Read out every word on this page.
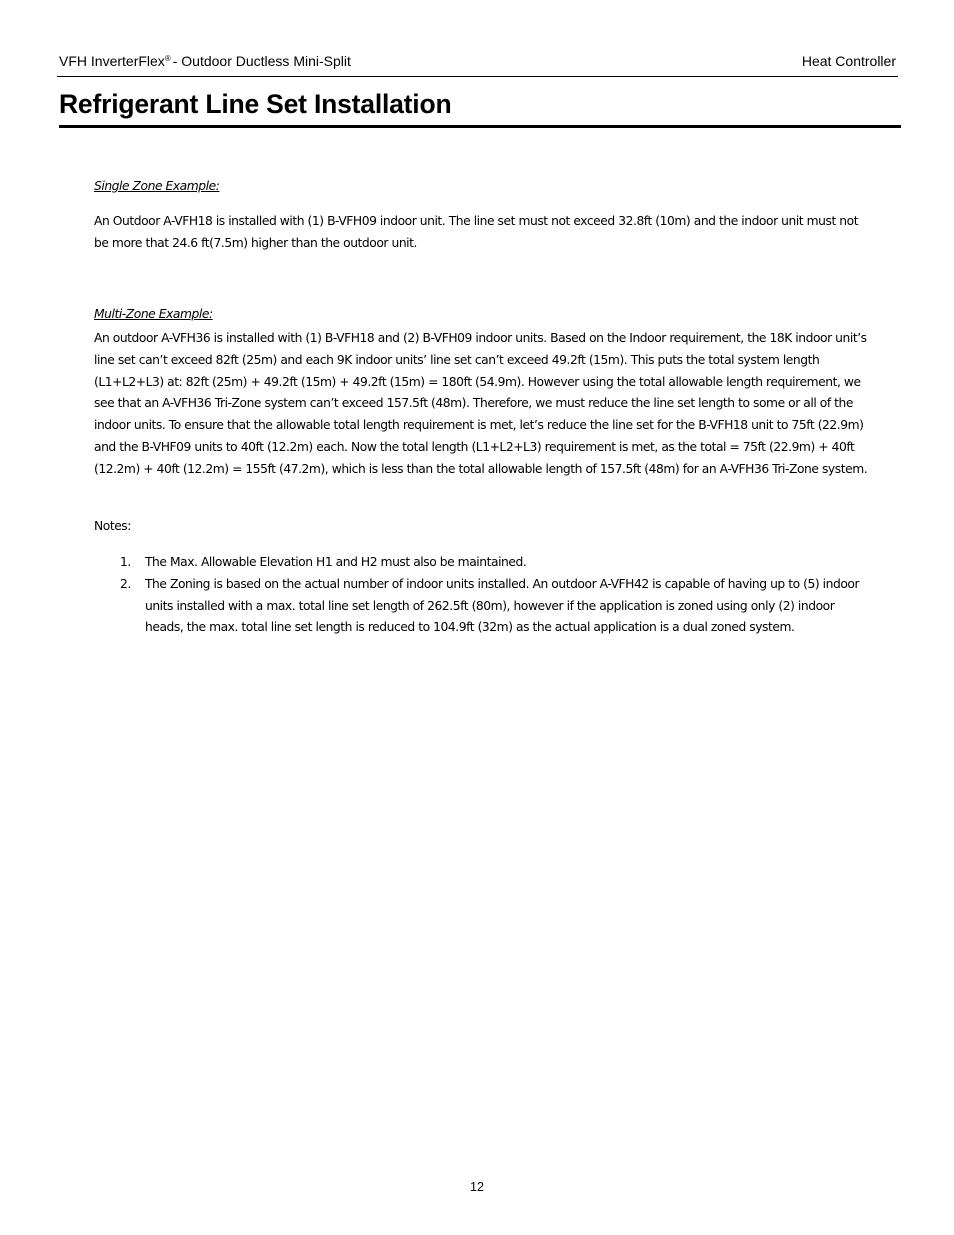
VFH InverterFlex® - Outdoor Ductless Mini-Split	Heat Controller
Refrigerant Line Set Installation
Single Zone Example:

An Outdoor A-VFH18 is installed with (1) B-VFH09 indoor unit. The line set must not exceed 32.8ft (10m) and the indoor unit must not be more that 24.6 ft(7.5m) higher than the outdoor unit.

Multi-Zone Example:

An outdoor A-VFH36 is installed with (1) B-VFH18 and (2) B-VFH09 indoor units. Based on the Indoor requirement, the 18K indoor unit’s line set can’t exceed 82ft (25m) and each 9K indoor units’ line set can’t exceed 49.2ft (15m). This puts the total system length (L1+L2+L3) at: 82ft (25m) + 49.2ft (15m) + 49.2ft (15m) = 180ft (54.9m). However using the total allowable length requirement, we see that an A-VFH36 Tri-Zone system can’t exceed 157.5ft (48m). Therefore, we must reduce the line set length to some or all of the indoor units. To ensure that the allowable total length requirement is met, let’s reduce the line set for the B-VFH18 unit to 75ft (22.9m) and the B-VHF09 units to 40ft (12.2m) each. Now the total length (L1+L2+L3) requirement is met, as the total = 75ft (22.9m) + 40ft (12.2m) + 40ft (12.2m) = 155ft (47.2m), which is less than the total allowable length of 157.5ft (48m) for an A-VFH36 Tri-Zone system.

Notes:
1. The Max. Allowable Elevation H1 and H2 must also be maintained.
2. The Zoning is based on the actual number of indoor units installed. An outdoor A-VFH42 is capable of having up to (5) indoor units installed with a max. total line set length of 262.5ft (80m), however if the application is zoned using only (2) indoor heads, the max. total line set length is reduced to 104.9ft (32m) as the actual application is a dual zoned system.
12
